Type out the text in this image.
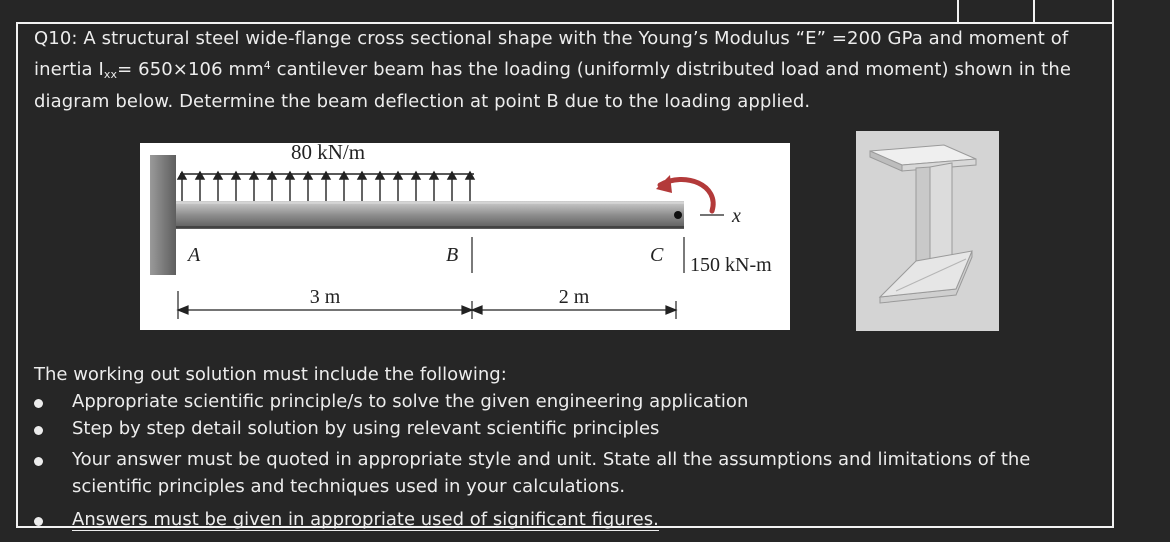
Q10: A structural steel wide-flange cross sectional shape with the Young’s Modulus “E” =200 GPa and moment of inertia $I_{xx}= 650\times 106$ $mm^4$ cantilever beam has the loading (uniformly distributed load and moment) shown in the diagram below. Determine the beam deflection at point B due to the loading applied.
80 kN/m
x
A	B	C 150 kN-m
3 m	2 m
The working out solution must include the following:
Appropriate scientific principle/s to solve the given engineering application
Step by step detail solution by using relevant scientific principles
Your answer must be quoted in appropriate style and unit. State all the assumptions and limitations of the scientific principles and techniques used in your calculations.
Answers must be given in appropriate used of significant figures.
